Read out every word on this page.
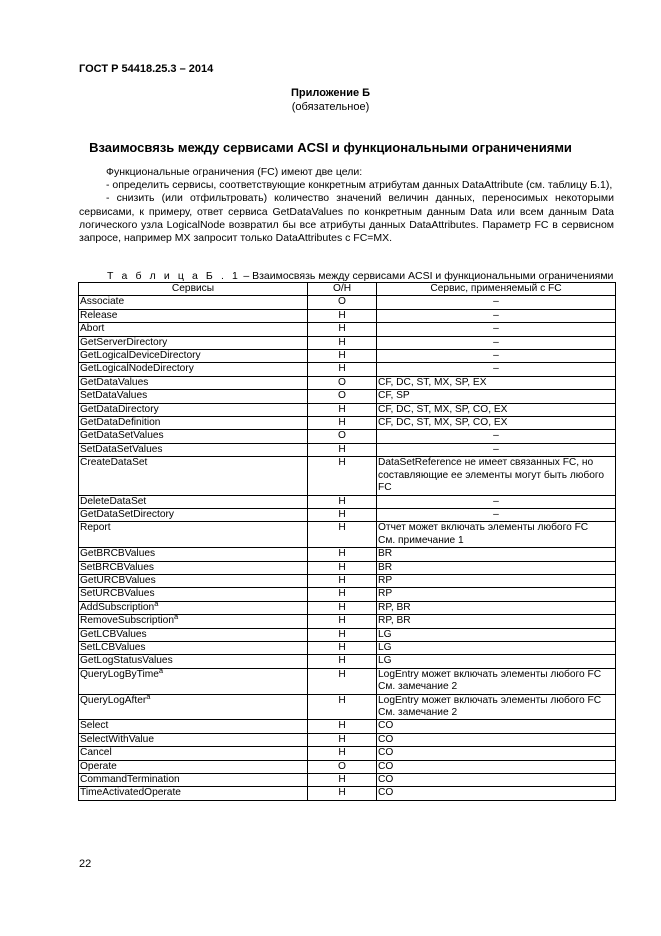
ГОСТ Р 54418.25.3 – 2014
Приложение Б
(обязательное)
Взаимосвязь между сервисами ACSI и функциональными ограничениями

Функциональные ограничения (FC) имеют две цели:

- определить сервисы, соответствующие конкретным атрибутам данных DataAttribute (см. таблицу Б.1),

- снизить (или отфильтровать) количество значений величин данных, переносимых некоторыми сервисами, к примеру, ответ сервиса GetDataValues по конкретным данным Data или всем данным Data логического узла LogicalNode возвратил бы все атрибуты данных DataAttributes. Параметр FC в сервисном запросе, например MX запросит только DataAttributes с FC=MX.

Т а б л и ц а Б . 1 – Взаимосвязь между сервисами ACSI и функциональными ограничениями
Сервисы	О/Н	Сервис, применяемый с FC
Associate	О	–
Release	Н	–
Abort	Н	–
GetServerDirectory	Н	–
GetLogicalDeviceDirectory	Н	–
GetLogicalNodeDirectory	Н	–
GetDataValues	О	CF, DC, ST, MX, SP, EX
SetDataValues	О	CF, SP
GetDataDirectory	Н	CF, DC, ST, MX, SP, CO, EX
GetDataDefinition	Н	CF, DC, ST, MX, SP, CO, EX
GetDataSetValues	О	–
SetDataSetValues	Н	–
CreateDataSet	Н	DataSetReference не имеет связанных FC, но составляющие ее элементы могут быть любого FC
DeleteDataSet	Н	–
GetDataSetDirectory	Н	–
Report	Н	Отчет может включать элементы любого FC
См. примечание 1
GetBRCBValues	Н	BR
SetBRCBValues	Н	BR
GetURCBValues	Н	RP
SetURCBValues	Н	RP
AddSubscription$^a$	Н	RP, BR
RemoveSubscription$^a$	Н	RP, BR
GetLCBValues	Н	LG
SetLCBValues	Н	LG
GetLogStatusValues	Н	LG
QueryLogByTime$^a$	Н	LogEntry может включать элементы любого FC
См. замечание 2
QueryLogAfter$^a$	Н	LogEntry может включать элементы любого FC
См. замечание 2
Select	Н	CO
SelectWithValue	Н	CO
Cancel	Н	CO
Operate	О	CO
CommandTermination	Н	CO
TimeActivatedOperate	Н	CO
22
